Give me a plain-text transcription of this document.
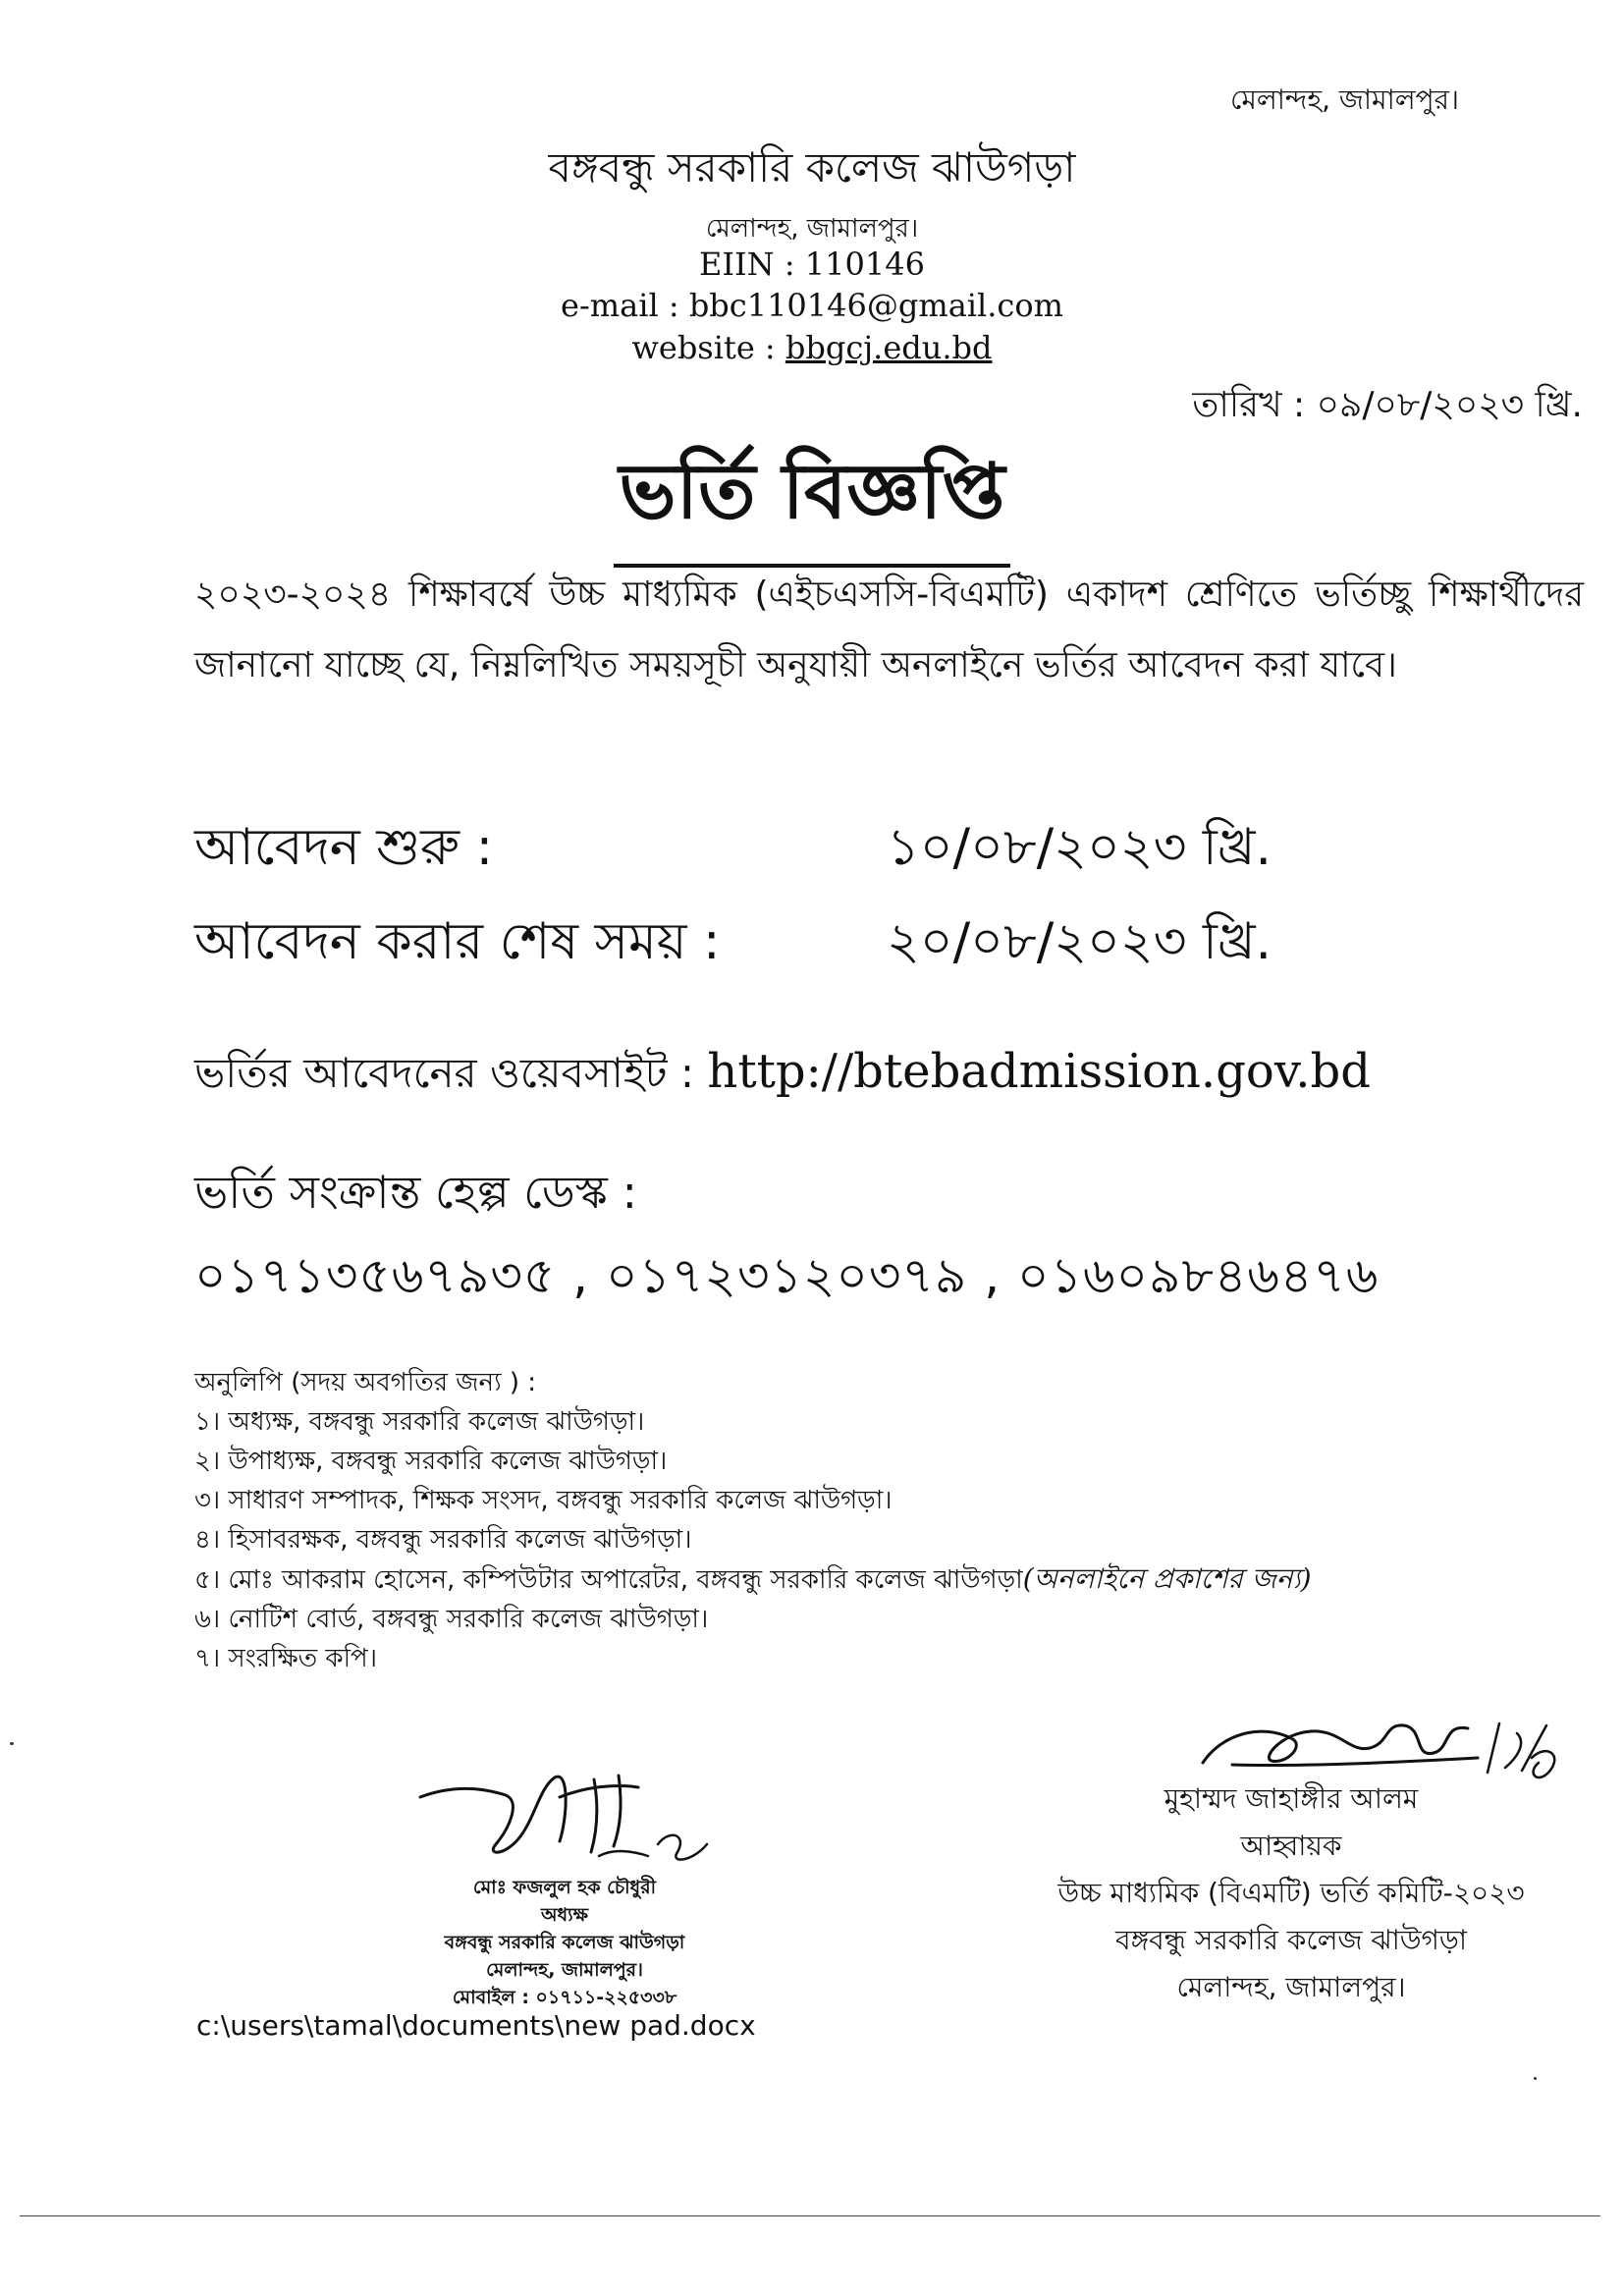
মেলান্দহ, জামালপুর।
বঙ্গবন্ধু সরকারি কলেজ ঝাউগড়া
মেলান্দহ, জামালপুর।
EIIN : 110146
e-mail : bbc110146@gmail.com
website : bbgcj.edu.bd
তারিখ : ০৯/০৮/২০২৩ খ্রি.
ভর্তি বিজ্ঞপ্তি
২০২৩-২০২৪ শিক্ষাবর্ষে উচ্চ মাধ্যমিক (এইচএসসি-বিএমটি) একাদশ শ্রেণিতে ভর্তিচ্ছু শিক্ষার্থীদের জানানো যাচ্ছে যে, নিম্নলিখিত সময়সূচী অনুযায়ী অনলাইনে ভর্তির আবেদন করা যাবে।
আবেদন শুরু :	১০/০৮/২০২৩ খ্রি.
আবেদন করার শেষ সময় :	২০/০৮/২০২৩ খ্রি.
ভর্তির আবেদনের ওয়েবসাইট : http://btebadmission.gov.bd
ভর্তি সংক্রান্ত হেল্প ডেস্ক :
০১৭১৩৫৬৭৯৩৫ , ০১৭২৩১২০৩৭৯ , ০১৬০৯৮৪৬৪৭৬
অনুলিপি (সদয় অবগতির জন্য ) :
১। অধ্যক্ষ, বঙ্গবন্ধু সরকারি কলেজ ঝাউগড়া।
২। উপাধ্যক্ষ, বঙ্গবন্ধু সরকারি কলেজ ঝাউগড়া।
৩। সাধারণ সম্পাদক, শিক্ষক সংসদ, বঙ্গবন্ধু সরকারি কলেজ ঝাউগড়া।
৪। হিসাবরক্ষক, বঙ্গবন্ধু সরকারি কলেজ ঝাউগড়া।
৫। মোঃ আকরাম হোসেন, কম্পিউটার অপারেটর, বঙ্গবন্ধু সরকারি কলেজ ঝাউগড়া(অনলাইনে প্রকাশের জন্য)
৬। নোটিশ বোর্ড, বঙ্গবন্ধু সরকারি কলেজ ঝাউগড়া।
৭। সংরক্ষিত কপি।
মোঃ ফজলুল হক চৌধুরী
অধ্যক্ষ
বঙ্গবন্ধু সরকারি কলেজ ঝাউগড়া
মেলান্দহ, জামালপুর।
মোবাইল : ০১৭১১-২২৫৩৩৮
c:\users\tamal\documents\new pad.docx
মুহাম্মদ জাহাঙ্গীর আলম
আহ্বায়ক
উচ্চ মাধ্যমিক (বিএমটি) ভর্তি কমিটি-২০২৩
বঙ্গবন্ধু সরকারি কলেজ ঝাউগড়া
মেলান্দহ, জামালপুর।
